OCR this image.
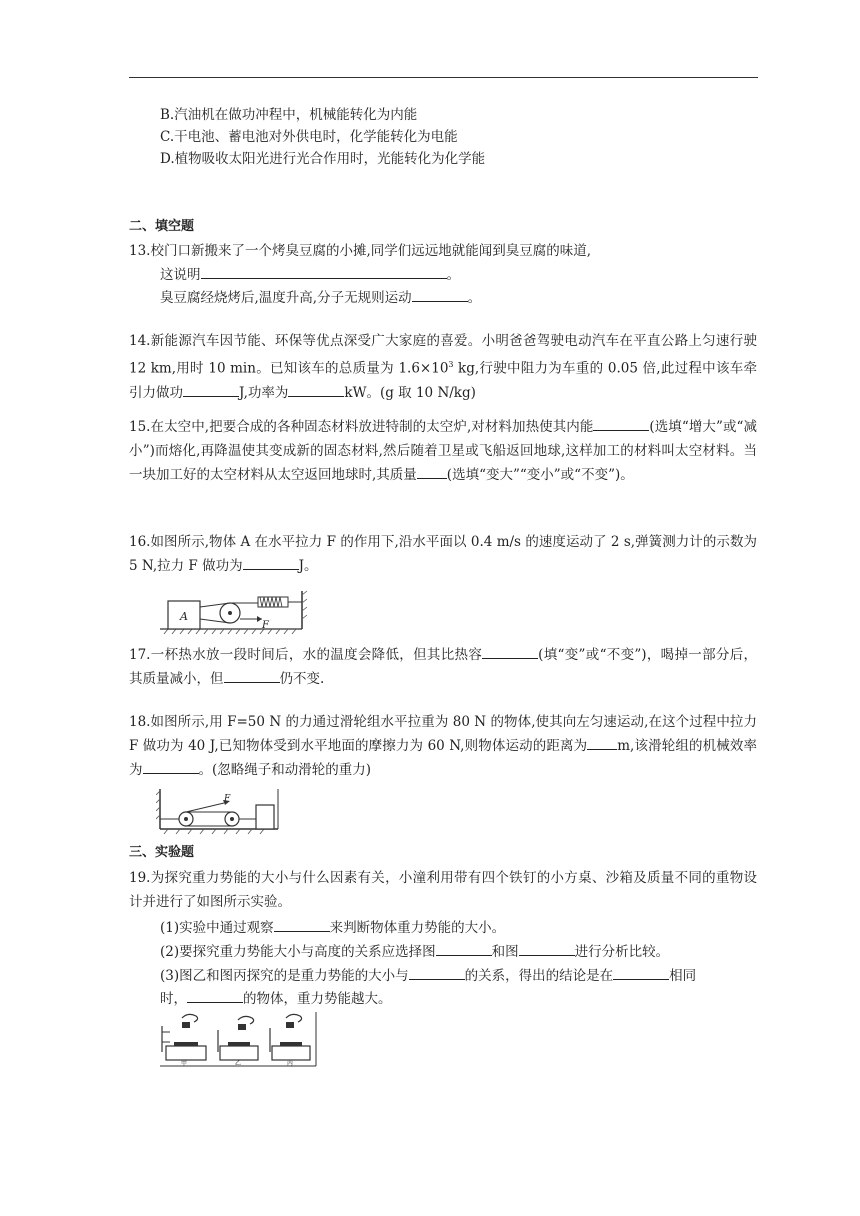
B.汽油机在做功冲程中，机械能转化为内能
C.干电池、蓄电池对外供电时，化学能转化为电能
D.植物吸收太阳光进行光合作用时，光能转化为化学能
二、填空题
13.校门口新搬来了一个烤臭豆腐的小摊,同学们远远地就能闻到臭豆腐的味道,
这说明	。
臭豆腐经烧烤后,温度升高,分子无规则运动	。
14.新能源汽车因节能、环保等优点深受广大家庭的喜爱。小明爸爸驾驶电动汽车在平直公路上匀速行驶 12 km,用时 10 min。已知该车的总质量为 $1.6\times 10^3$ kg,行驶中阻力为车重的 0.05 倍,此过程中该车牵引力做功	J,功率为	kW。(g 取 10 N/kg)
15.在太空中,把要合成的各种固态材料放进特制的太空炉,对材料加热使其内能	(选填“增大”或“减小”)而熔化,再降温使其变成新的固态材料,然后随着卫星或飞船返回地球,这样加工的材料叫太空材料。当一块加工好的太空材料从太空返回地球时,其质量 (选填“变大”“变小”或“不变”)。
16.如图所示,物体 A 在水平拉力 F 的作用下,沿水平面以 0.4 m/s 的速度运动了 2 s,弹簧测力计的示数为 5 N,拉力 F 做功为	J。
A
F
17.一杯热水放一段时间后，水的温度会降低，但其比热容	(填“变”或“不变”)，喝掉一部分后，其质量减小，但	仍不变.
18.如图所示,用 F=50 N 的力通过滑轮组水平拉重为 80 N 的物体,使其向左匀速运动,在这个过程中拉力 F 做功为 40 J,已知物体受到水平地面的摩擦力为 60 N,则物体运动的距离为 m,该滑轮组的机械效率为	。(忽略绳子和动滑轮的重力)
F
三、实验题
19.为探究重力势能的大小与什么因素有关，小潼利用带有四个铁钉的小方桌、沙箱及质量不同的重物设计并进行了如图所示实验。
(1)实验中通过观察	来判断物体重力势能的大小。
(2)要探究重力势能大小与高度的关系应选择图	和图	进行分析比较。
(3)图乙和图丙探究的是重力势能的大小与	的关系，得出的结论是在	相同
时，	的物体，重力势能越大。
甲	乙	丙
